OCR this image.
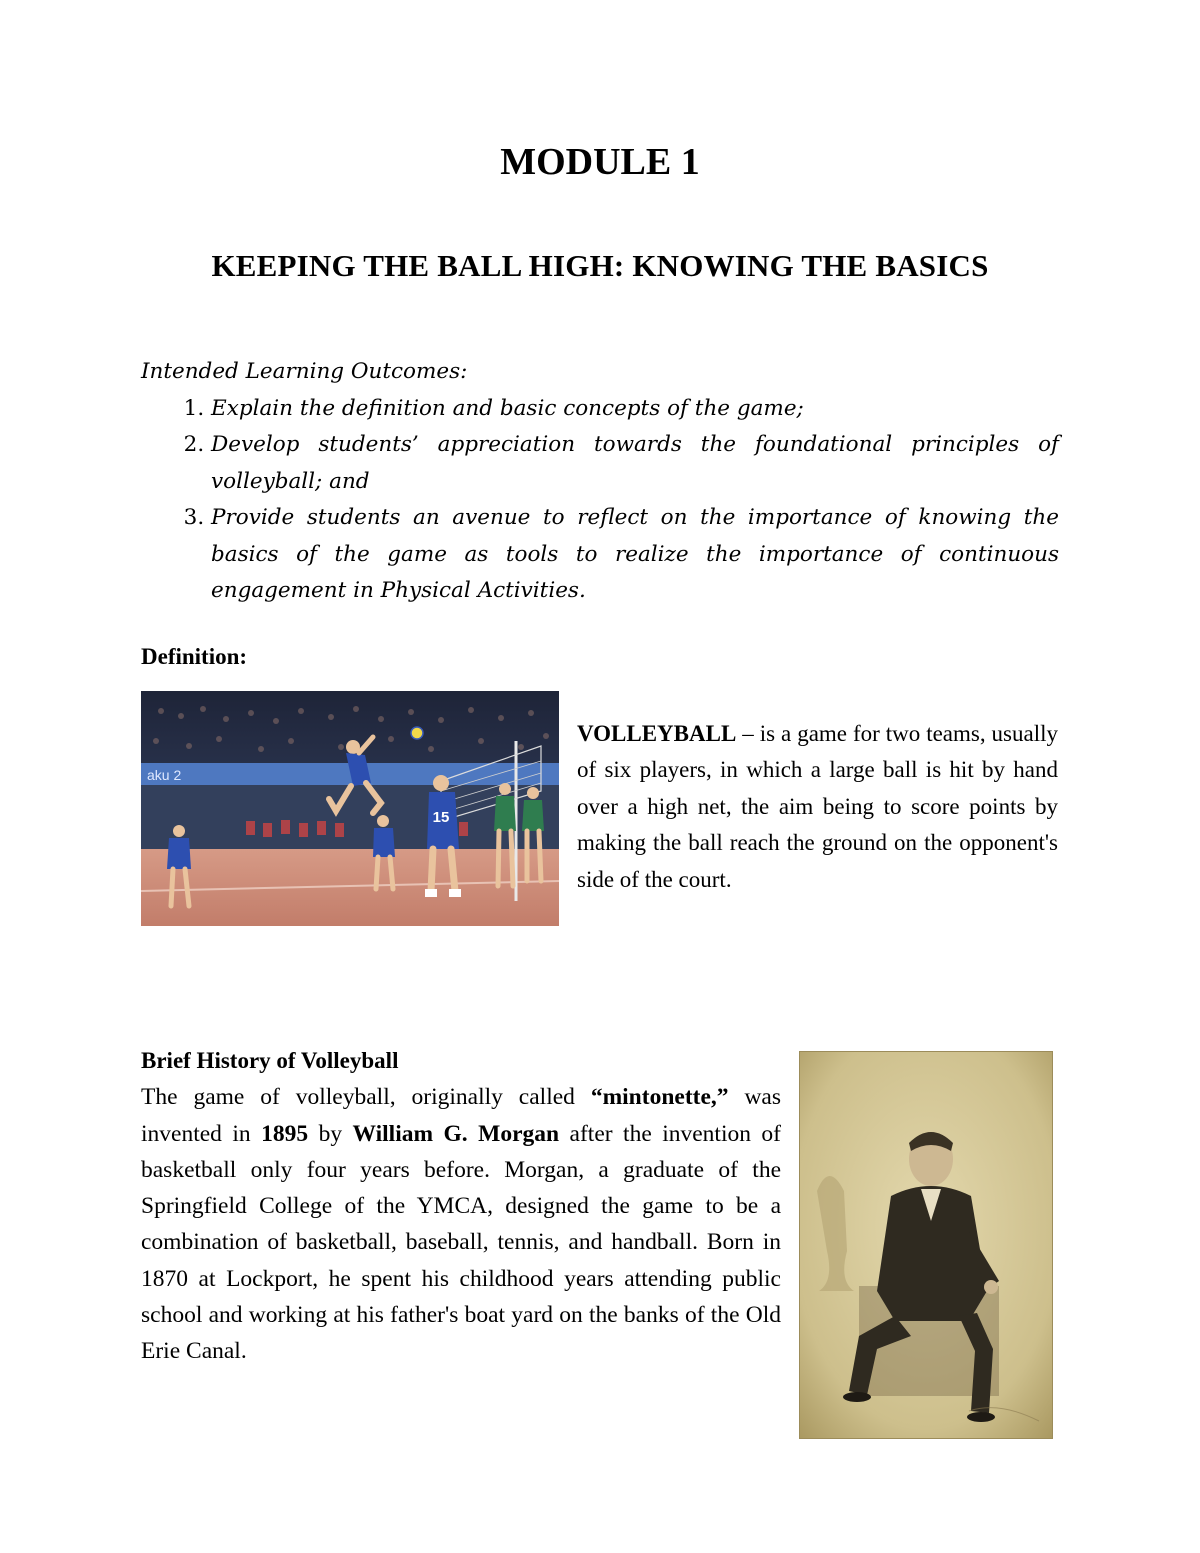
MODULE 1
KEEPING THE BALL HIGH: KNOWING THE BASICS

Intended Learning Outcomes:

1. Explain the definition and basic concepts of the game;
2. Develop students’ appreciation towards the foundational principles of volleyball; and
3. Provide students an avenue to reflect on the importance of knowing the basics of the game as tools to realize the importance of continuous engagement in Physical Activities.

Definition:

aku 2
15

VOLLEYBALL – is a game for two teams, usually of six players, in which a large ball is hit by hand over a high net, the aim being to score points by making the ball reach the ground on the opponent's side of the court.

Brief History of Volleyball

The game of volleyball, originally called “mintonette,” was invented in 1895 by William G. Morgan after the invention of basketball only four years before. Morgan, a graduate of the Springfield College of the YMCA, designed the game to be a combination of basketball, baseball, tennis, and handball. Born in 1870 at Lockport, he spent his childhood years attending public school and working at his father's boat yard on the banks of the Old Erie Canal.
